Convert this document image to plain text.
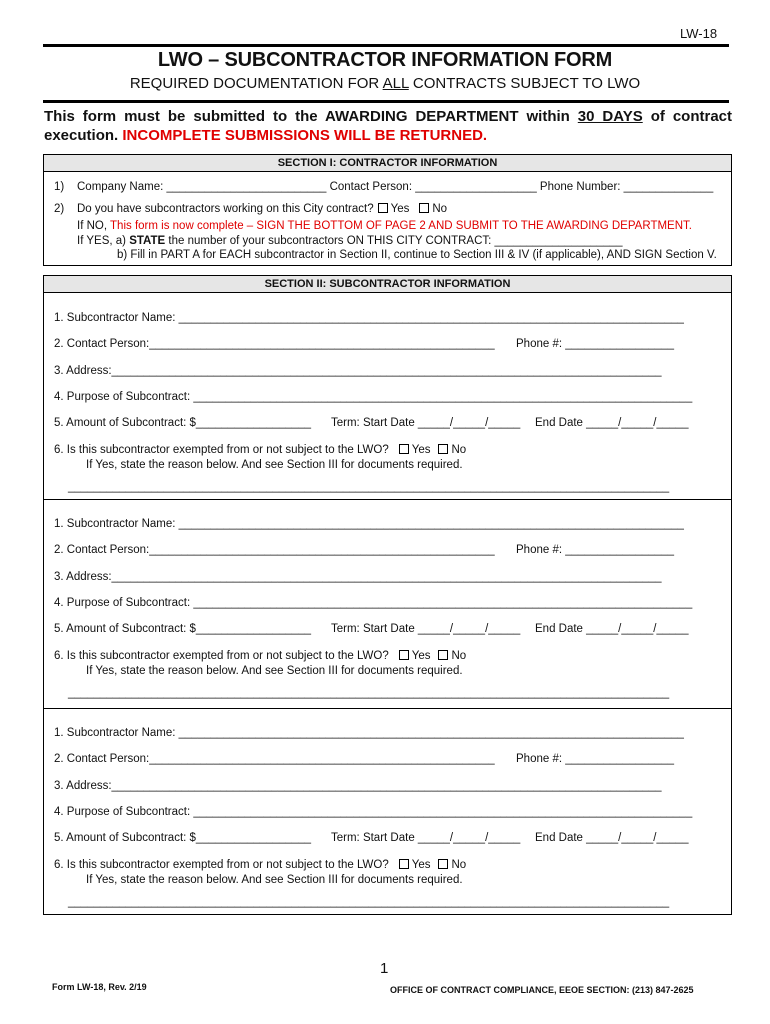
LW-18
LWO – SUBCONTRACTOR INFORMATION FORM
REQUIRED DOCUMENTATION FOR ALL CONTRACTS SUBJECT TO LWO
This form must be submitted to the AWARDING DEPARTMENT within 30 DAYS of contract execution. INCOMPLETE SUBMISSIONS WILL BE RETURNED.
SECTION I: CONTRACTOR INFORMATION
1) Company Name: _________________________ Contact Person: ___________________ Phone Number: ______________
2) Do you have subcontractors working on this City contract? Yes No
If NO, This form is now complete – SIGN THE BOTTOM OF PAGE 2 AND SUBMIT TO THE AWARDING DEPARTMENT.
If YES, a) STATE the number of your subcontractors ON THIS CITY CONTRACT: ____________________
b) Fill in PART A for EACH subcontractor in Section II, continue to Section III & IV (if applicable), AND SIGN Section V.
SECTION II: SUBCONTRACTOR INFORMATION
1. Subcontractor Name: _______________________________________________________________________________
2. Contact Person:______________________________________________________ Phone #: _________________
3. Address:______________________________________________________________________________________
4. Purpose of Subcontract: ______________________________________________________________________________
5. Amount of Subcontract: $__________________ Term: Start Date _____/_____/_____ End Date _____/_____/_____
If Yes, state the reason below. And see Section III for documents required.
______________________________________________________________________________________________
6. Is this subcontractor exempted from or not subject to the LWO? Yes No
1. Subcontractor Name: _______________________________________________________________________________
2. Contact Person:______________________________________________________ Phone #: _________________
3. Address:______________________________________________________________________________________
4. Purpose of Subcontract: ______________________________________________________________________________
5. Amount of Subcontract: $__________________ Term: Start Date _____/_____/_____ End Date _____/_____/_____
If Yes, state the reason below. And see Section III for documents required.
______________________________________________________________________________________________
6. Is this subcontractor exempted from or not subject to the LWO? Yes No
1. Subcontractor Name: _______________________________________________________________________________
2. Contact Person:______________________________________________________ Phone #: _________________
3. Address:______________________________________________________________________________________
4. Purpose of Subcontract: ______________________________________________________________________________
5. Amount of Subcontract: $__________________ Term: Start Date _____/_____/_____ End Date _____/_____/_____
If Yes, state the reason below. And see Section III for documents required.
______________________________________________________________________________________________
6. Is this subcontractor exempted from or not subject to the LWO? Yes No
1
Form LW-18, Rev. 2/19	OFFICE OF CONTRACT COMPLIANCE, EEOE SECTION: (213) 847-2625
